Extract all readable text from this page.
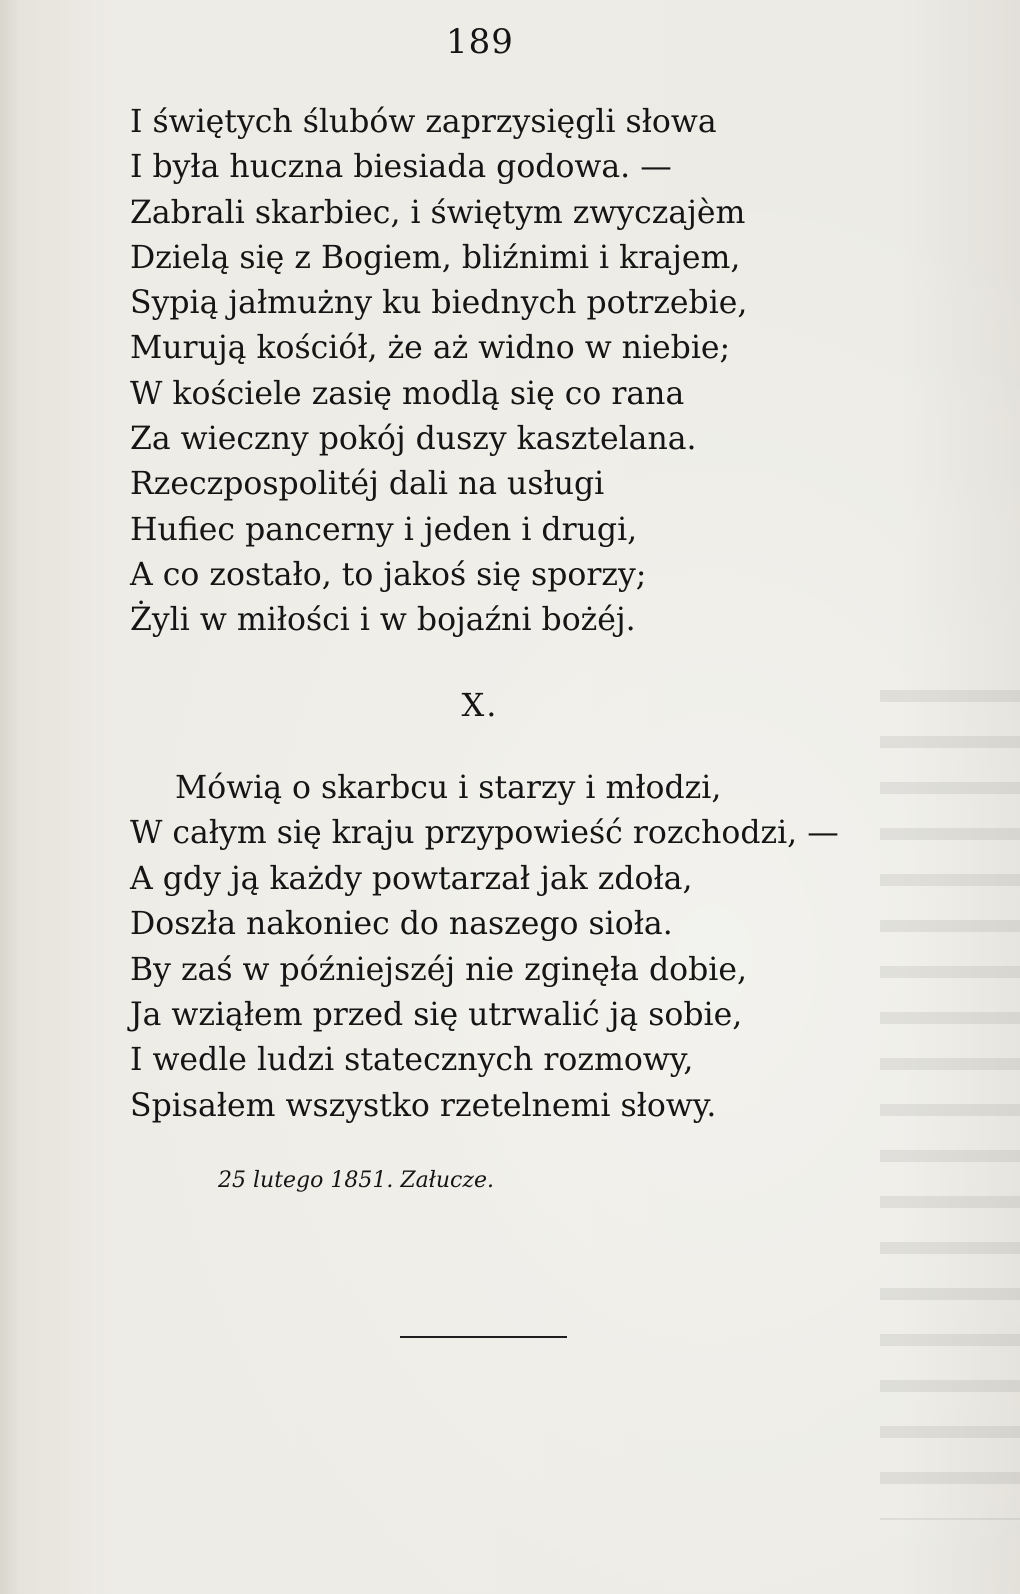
189
I świętych ślubów zaprzysięgli słowa
I była huczna biesiada godowa. —
Zabrali skarbiec, i świętym zwyczajèm
Dzielą się z Bogiem, bliźnimi i krajem,
Sypią jałmużny ku biednych potrzebie,
Murują kościół, że aż widno w niebie;
W kościele zasię modlą się co rana
Za wieczny pokój duszy kasztelana.
Rzeczpospolitéj dali na usługi
Hufiec pancerny i jeden i drugi,
A co zostało, to jakoś się sporzy;
Żyli w miłości i w bojaźni bożéj.
X.
Mówią o skarbcu i starzy i młodzi,
W całym się kraju przypowieść rozchodzi, —
A gdy ją każdy powtarzał jak zdoła,
Doszła nakoniec do naszego sioła.
By zaś w późniejszéj nie zginęła dobie,
Ja wziąłem przed się utrwalić ją sobie,
I wedle ludzi statecznych rozmowy,
Spisałem wszystko rzetelnemi słowy.
25 lutego 1851. Załucze.
